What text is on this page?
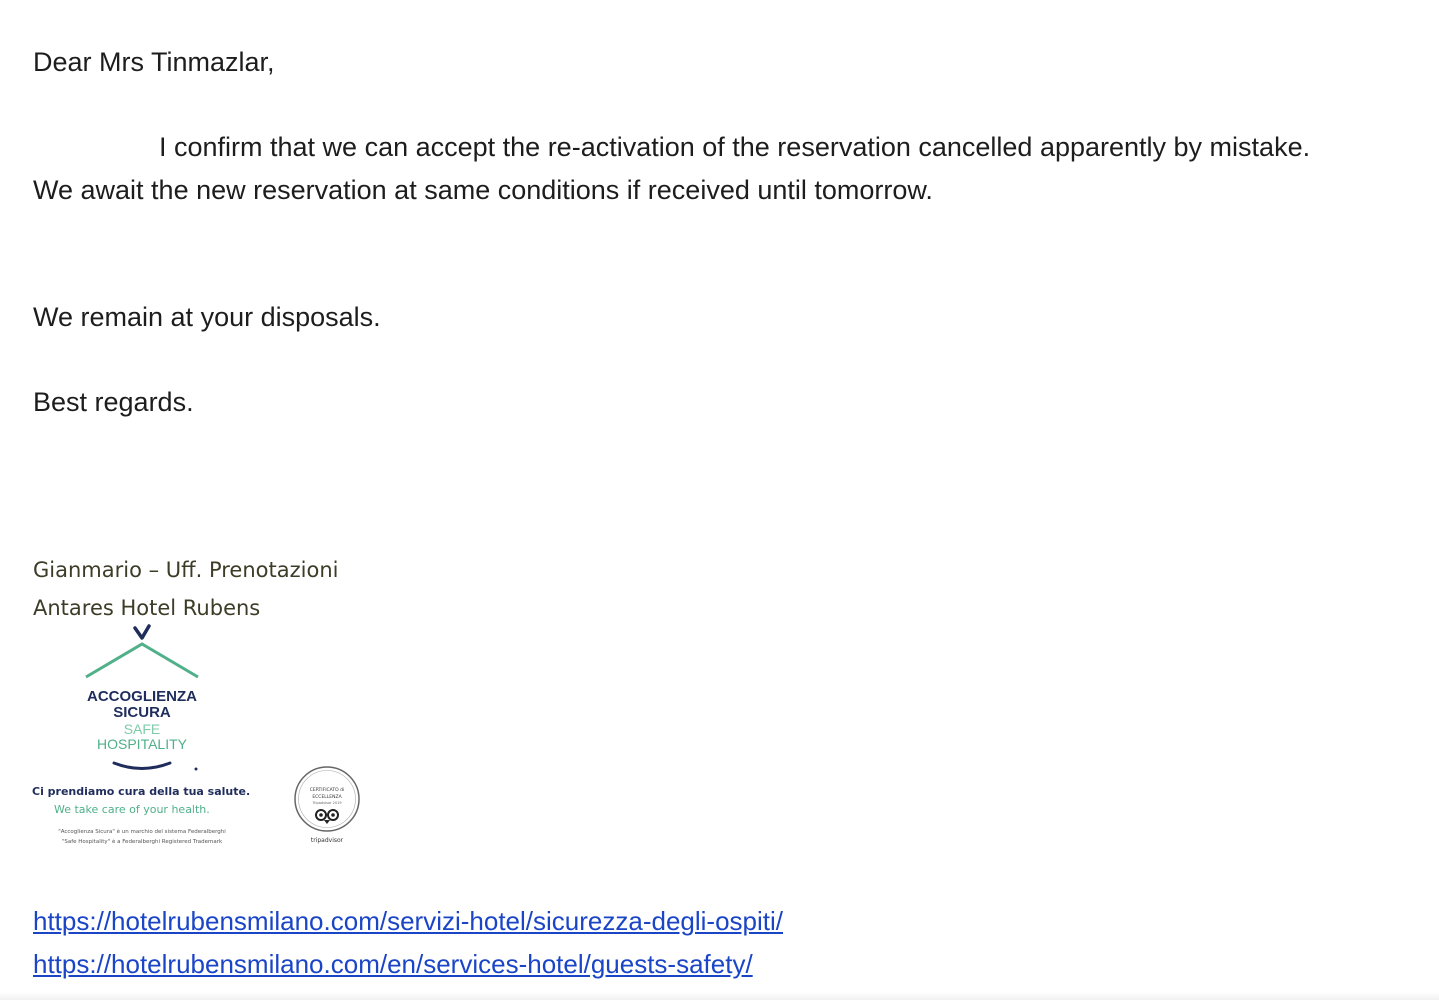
Dear Mrs Tinmazlar,

I confirm that we can accept the re-activation of the reservation cancelled apparently by mistake.

We await the new reservation at same conditions if received until tomorrow.

We remain at your disposals.

Best regards.

Gianmario – Uff. Prenotazioni

Antares Hotel Rubens

ACCOGLIENZA
SICURA
SAFE
HOSPITALITY
Ci prendiamo cura della tua salute.
We take care of your health.
"Accoglienza Sicura" è un marchio del sistema Federalberghi
"Safe Hospitality" è a Federalberghi Registered Trademark
CERTIFICATO di
ECCELLENZA
Tripadvisor 2019
tripadvisor
https://hotelrubensmilano.com/servizi-hotel/sicurezza-degli-ospiti/
https://hotelrubensmilano.com/en/services-hotel/guests-safety/
